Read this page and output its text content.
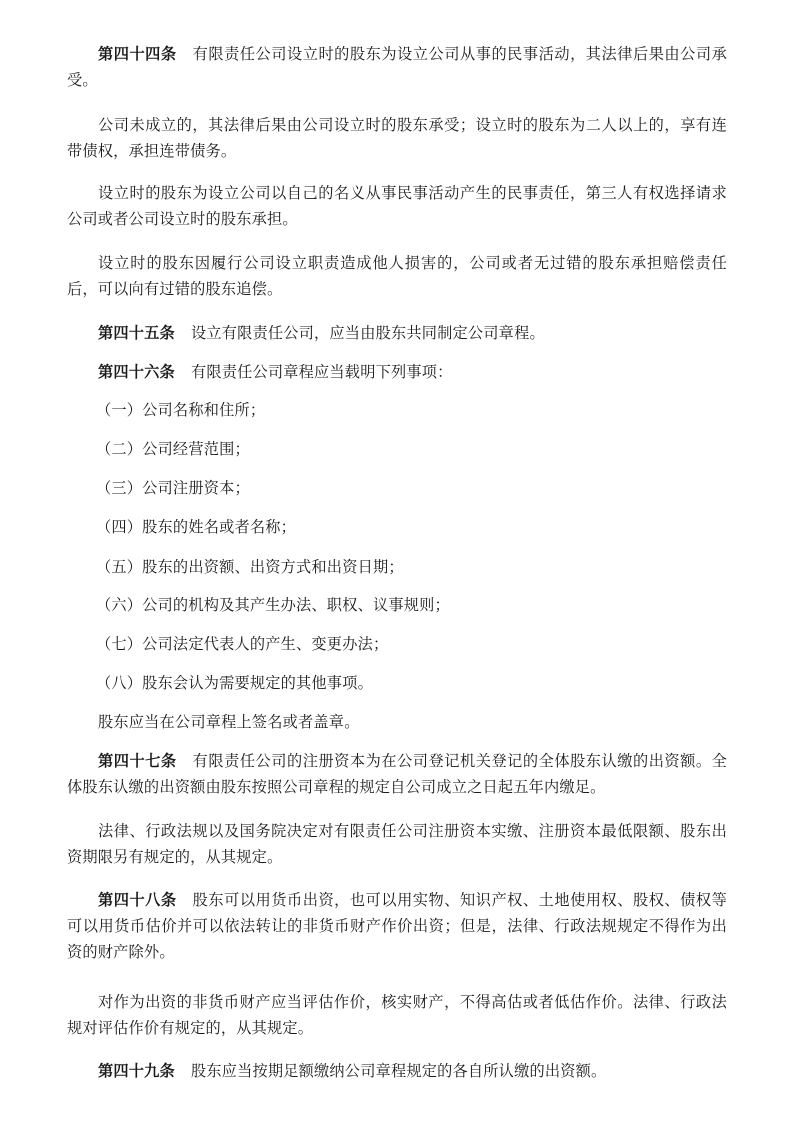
第四十四条 有限责任公司设立时的股东为设立公司从事的民事活动，其法律后果由公司承受。

公司未成立的，其法律后果由公司设立时的股东承受；设立时的股东为二人以上的，享有连带债权，承担连带债务。

设立时的股东为设立公司以自己的名义从事民事活动产生的民事责任，第三人有权选择请求公司或者公司设立时的股东承担。

设立时的股东因履行公司设立职责造成他人损害的，公司或者无过错的股东承担赔偿责任后，可以向有过错的股东追偿。

第四十五条 设立有限责任公司，应当由股东共同制定公司章程。

第四十六条 有限责任公司章程应当载明下列事项：

（一）公司名称和住所；

（二）公司经营范围；

（三）公司注册资本；

（四）股东的姓名或者名称；

（五）股东的出资额、出资方式和出资日期；

（六）公司的机构及其产生办法、职权、议事规则；

（七）公司法定代表人的产生、变更办法；

（八）股东会认为需要规定的其他事项。

股东应当在公司章程上签名或者盖章。

第四十七条 有限责任公司的注册资本为在公司登记机关登记的全体股东认缴的出资额。全体股东认缴的出资额由股东按照公司章程的规定自公司成立之日起五年内缴足。

法律、行政法规以及国务院决定对有限责任公司注册资本实缴、注册资本最低限额、股东出资期限另有规定的，从其规定。

第四十八条 股东可以用货币出资，也可以用实物、知识产权、土地使用权、股权、债权等可以用货币估价并可以依法转让的非货币财产作价出资；但是，法律、行政法规规定不得作为出资的财产除外。

对作为出资的非货币财产应当评估作价，核实财产，不得高估或者低估作价。法律、行政法规对评估作价有规定的，从其规定。

第四十九条 股东应当按期足额缴纳公司章程规定的各自所认缴的出资额。
